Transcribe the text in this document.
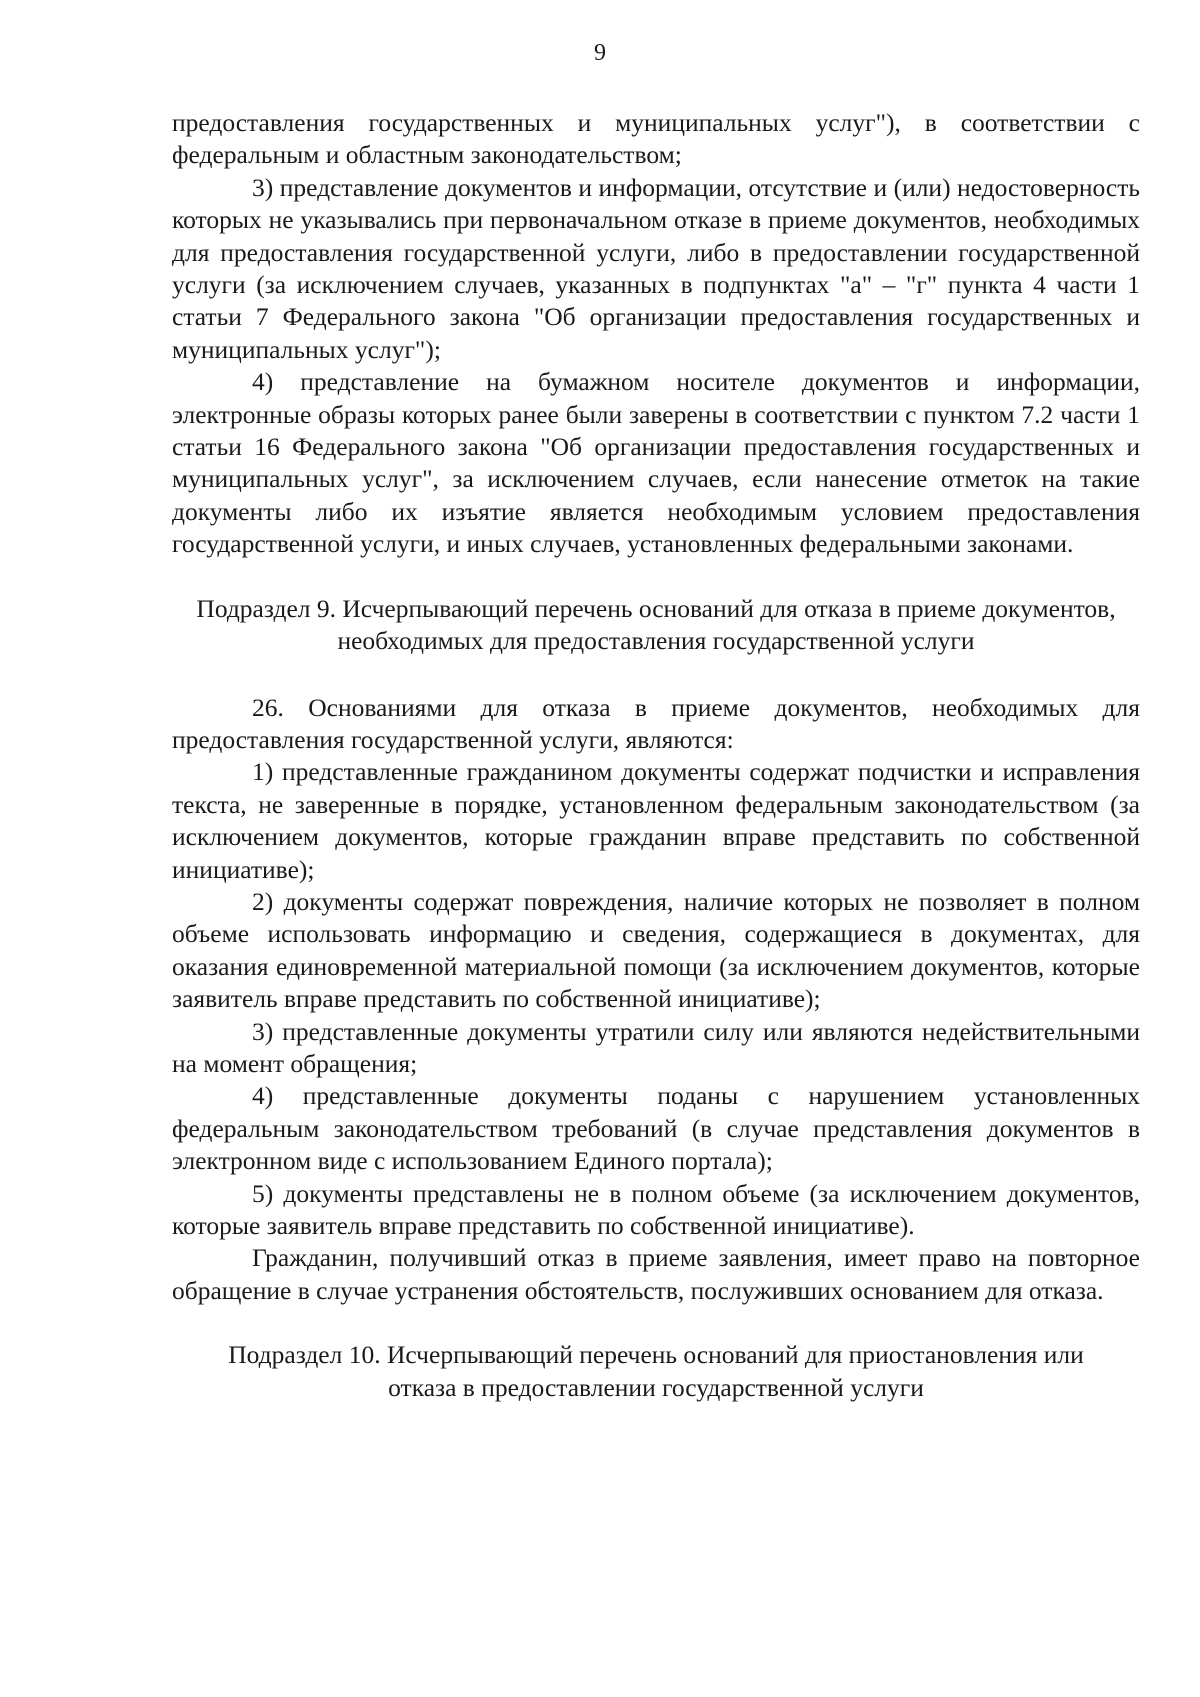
9

предоставления государственных и муниципальных услуг"), в соответствии с федеральным и областным законодательством;

3) представление документов и информации, отсутствие и (или) недостоверность которых не указывались при первоначальном отказе в приеме документов, необходимых для предоставления государственной услуги, либо в предоставлении государственной услуги (за исключением случаев, указанных в подпунктах "а" – "г" пункта 4 части 1 статьи 7 Федерального закона "Об организации предоставления государственных и муниципальных услуг");

4) представление на бумажном носителе документов и информации, электронные образы которых ранее были заверены в соответствии с пунктом 7.2 части 1 статьи 16 Федерального закона "Об организации предоставления государственных и муниципальных услуг", за исключением случаев, если нанесение отметок на такие документы либо их изъятие является необходимым условием предоставления государственной услуги, и иных случаев, установленных федеральными законами.

Подраздел 9. Исчерпывающий перечень оснований для отказа в приеме документов, необходимых для предоставления государственной услуги

26. Основаниями для отказа в приеме документов, необходимых для предоставления государственной услуги, являются:

1) представленные гражданином документы содержат подчистки и исправления текста, не заверенные в порядке, установленном федеральным законодательством (за исключением документов, которые гражданин вправе представить по собственной инициативе);

2) документы содержат повреждения, наличие которых не позволяет в полном объеме использовать информацию и сведения, содержащиеся в документах, для оказания единовременной материальной помощи (за исключением документов, которые заявитель вправе представить по собственной инициативе);

3) представленные документы утратили силу или являются недействительными на момент обращения;

4) представленные документы поданы с нарушением установленных федеральным законодательством требований (в случае представления документов в электронном виде с использованием Единого портала);

5) документы представлены не в полном объеме (за исключением документов, которые заявитель вправе представить по собственной инициативе).

Гражданин, получивший отказ в приеме заявления, имеет право на повторное обращение в случае устранения обстоятельств, послуживших основанием для отказа.

Подраздел 10. Исчерпывающий перечень оснований для приостановления или отказа в предоставлении государственной услуги
